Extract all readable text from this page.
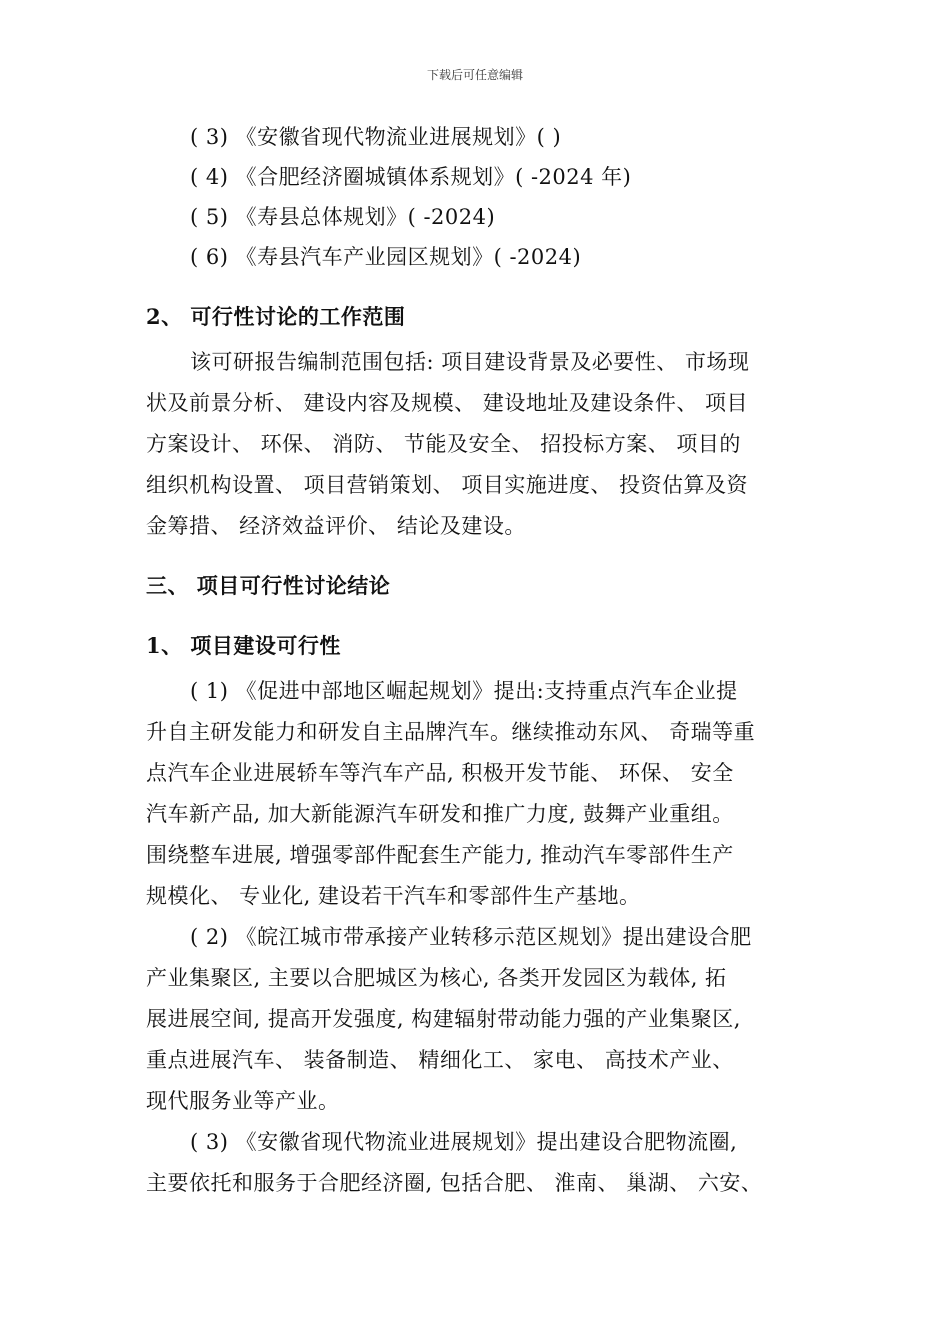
下载后可任意编辑
( 3) 《安徽省现代物流业进展规划》( )
( 4) 《合肥经济圈城镇体系规划》( -2024 年)
( 5) 《寿县总体规划》( -2024)
( 6) 《寿县汽车产业园区规划》( -2024)
2、 可行性讨论的工作范围
该可研报告编制范围包括: 项目建设背景及必要性、 市场现
状及前景分析、 建设内容及规模、 建设地址及建设条件、 项目
方案设计、 环保、 消防、 节能及安全、 招投标方案、 项目的
组织机构设置、 项目营销策划、 项目实施进度、 投资估算及资
金筹措、 经济效益评价、 结论及建设。
三、 项目可行性讨论结论
1、 项目建设可行性
( 1) 《促进中部地区崛起规划》提出:支持重点汽车企业提
升自主研发能力和研发自主品牌汽车。继续推动东风、 奇瑞等重
点汽车企业进展轿车等汽车产品, 积极开发节能、 环保、 安全
汽车新产品, 加大新能源汽车研发和推广力度, 鼓舞产业重组。
围绕整车进展, 增强零部件配套生产能力, 推动汽车零部件生产
规模化、 专业化, 建设若干汽车和零部件生产基地。
( 2) 《皖江城市带承接产业转移示范区规划》提出建设合肥
产业集聚区, 主要以合肥城区为核心, 各类开发园区为载体, 拓
展进展空间, 提高开发强度, 构建辐射带动能力强的产业集聚区,
重点进展汽车、 装备制造、 精细化工、 家电、 高技术产业、
现代服务业等产业。
( 3) 《安徽省现代物流业进展规划》提出建设合肥物流圈,
主要依托和服务于合肥经济圈, 包括合肥、 淮南、 巢湖、 六安、
